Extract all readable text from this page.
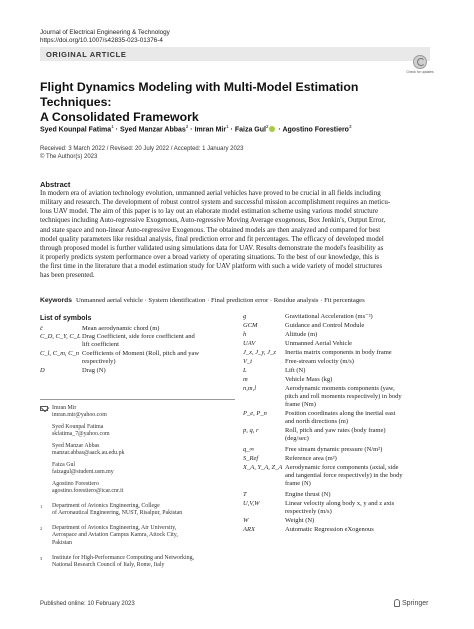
Journal of Electrical Engineering & Technology
https://doi.org/10.1007/s42835-023-01376-4
ORIGINAL ARTICLE
Check for updates
Flight Dynamics Modeling with Multi-Model Estimation Techniques:
A Consolidated Framework
Syed Kounpal Fatima$^1$ · Syed Manzar Abbas$^2$ · Imran Mir$^1$ · Faiza Gul$^2$ · Agostino Forestiero$^3$
Received: 3 March 2022 / Revised: 20 July 2022 / Accepted: 1 January 2023
© The Author(s) 2023
Abstract
In modern era of aviation technology evolution, unmanned aerial vehicles have proved to be crucial in all fields including
military and research. The development of robust control system and successful mission accomplishment requires an meticu-
lous UAV model. The aim of this paper is to lay out an elaborate model estimation scheme using various model structure
techniques including Auto-regressive Exogenous, Auto-regressive Moving Average exogenous, Box Jenkin's, Output Error,
and state space and non-linear Auto-regressive Exogenous. The obtained models are then analyzed and compared for best
model quality parameters like residual analysis, final prediction error and fit percentages. The efficacy of developed model
through proposed model is further validated using simulations data for UAV. Results demonstrate the model's feasibility as
it properly predicts system performance over a broad variety of operating situations. To the best of our knowledge, this is
the first time in the literature that a model estimation study for UAV platform with such a wide variety of model structures
has been presented.
Keywords Unmanned aerial vehicle · System identification · Final prediction error · Residue analysis · Fit percentages
List of symbols
c̄	Mean aerodynamic chord (m)
C_D, C_Y, C_L Drag Coefficient, side force coefficient and
lift coefficient
C_l, C_m, C_n Coefficients of Moment (Roll, pitch and yaw
respectively)
D	Drag (N)
Imran Mir
imran.mir@yahoo.com
Syed Kounpal Fatima
skfatima_7@yahoo.com
Syed Manzar Abbas
manzar.abbas@aack.au.edu.pk
Faiza Gul
faizagul@student.usm.my
Agostino Forestiero
agostino.forestiero@icar.cnr.it
1 Department of Avionics Engineering, College
of Aeronautical Engineering, NUST, Risalpur, Pakistan
2 Department of Avionics Engineering, Air University,
Aerospace and Aviation Campus Kamra, Attock City,
Pakistan
3 Institute for High-Performance Computing and Networking,
National Research Council of Italy, Rome, Italy
g	Gravitational Acceleration (ms⁻²)
GCM	Guidance and Control Module
h	Altitude (m)
UAV	Unmanned Aerial Vehicle
J_x, J_y, J_z Inertia matrix components in body frame
V_t	Free-stream velocity (m/s)
L	Lift (N)
m	Vehicle Mass (kg)
n,m,l	Aerodynamic moments components (yaw,
pitch and roll moments respectively) in body
frame (Nm)
P_e, P_n	Position coordinates along the inertial east
and north directions (m)
p, q, r	Roll, pitch and yaw rates (body frame)
(deg/sec)
q_∞	Free stream dynamic pressure (N/m²)
S_Ref	Reference area (m²)
X_A, Y_A, Z_A Aerodynamic force components (axial, side
and tangential force respectively) in the body
frame (N)
T	Engine thrust (N)
U,V,W	Linear velocity along body x, y and z axis
respectively (m/s)
W	Weight (N)
ARX	Automatic Regression eXogenous
Published online: 10 February 2023	Springer
